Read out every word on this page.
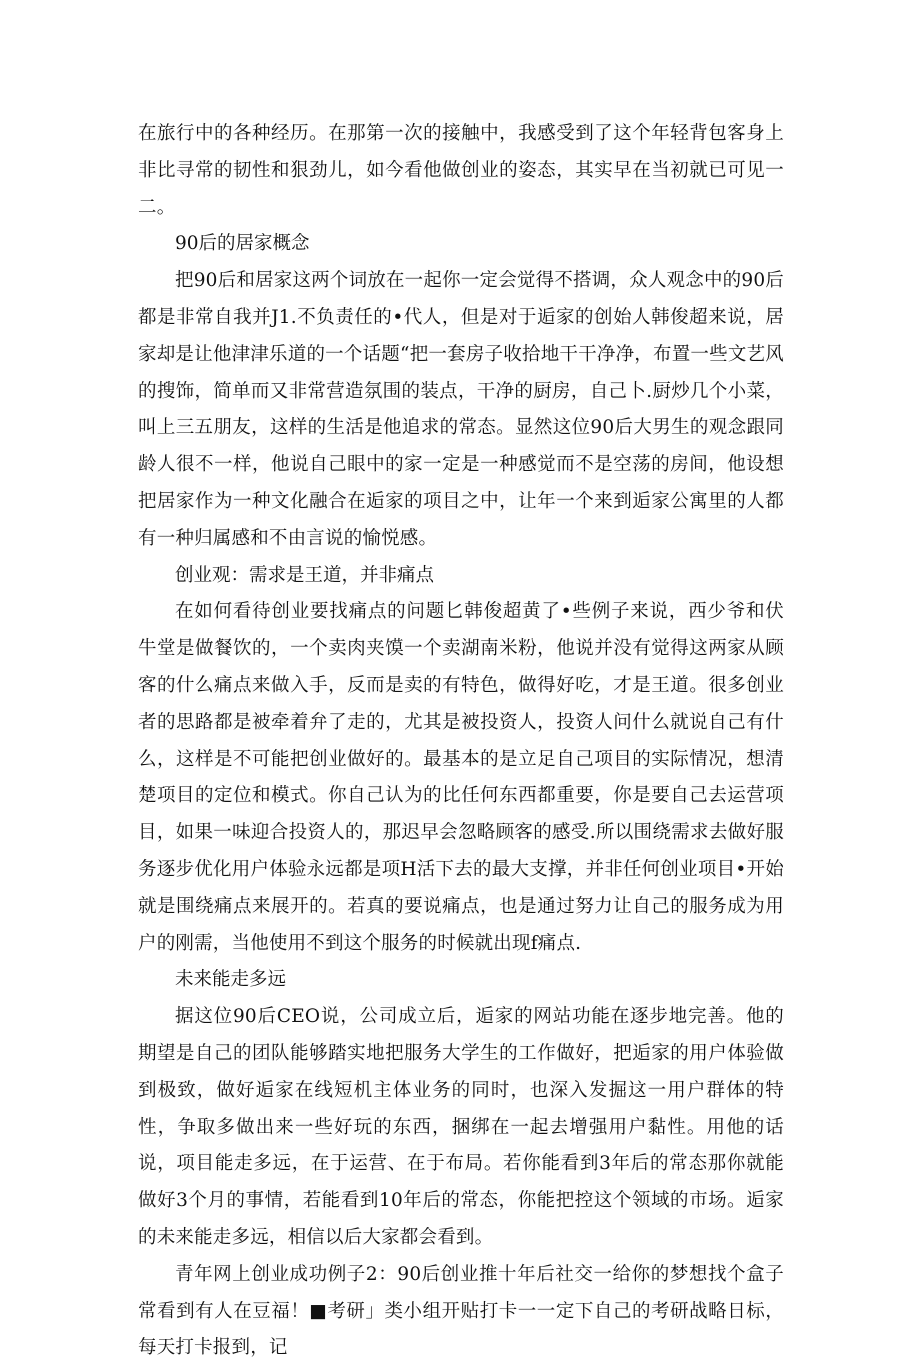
在旅行中的各种经历。在那第一次的接触中，我感受到了这个年轻背包客身上非比寻常的韧性和狠劲儿，如今看他做创业的姿态，其实早在当初就已可见一二。

90后的居家概念

把90后和居家这两个词放在一起你一定会觉得不搭调，众人观念中的90后都是非常自我并J1.不负责任的•代人，但是对于逅家的创始人韩俊超来说，居家却是让他津津乐道的一个话题“把一套房子收拾地干干净净，布置一些文艺风的搜饰，简单而又非常营造氛围的装点，干净的厨房，自己卜.厨炒几个小菜，叫上三五朋友，这样的生活是他追求的常态。显然这位90后大男生的观念跟同龄人很不一样，他说自己眼中的家一定是一种感觉而不是空荡的房间，他设想把居家作为一种文化融合在逅家的项目之中，让年一个来到逅家公寓里的人都有一种归属感和不由言说的愉悦感。

创业观：需求是王道，并非痛点

在如何看待创业要找痛点的问题匕韩俊超黄了•些例子来说，西少爷和伏牛堂是做餐饮的，一个卖肉夹馍一个卖湖南米粉，他说并没有觉得这两家从顾客的什么痛点来做入手，反而是卖的有特色，做得好吃，才是王道。很多创业者的思路都是被牵着弁了走的，尤其是被投资人，投资人问什么就说自己有什么，这样是不可能把创业做好的。最基本的是立足自己项目的实际情况，想清楚项目的定位和模式。你自己认为的比任何东西都重要，你是要自己去运营项目，如果一味迎合投资人的，那迟早会忽略顾客的感受.所以围绕需求去做好服务逐步优化用户体验永远都是项H活下去的最大支撑，并非任何创业项目•开始就是围绕痛点来展开的。若真的要说痛点，也是通过努力让自己的服务成为用户的刚需，当他使用不到这个服务的时候就出现f痛点.

未来能走多远

据这位90后CEO说，公司成立后，逅家的网站功能在逐步地完善。他的期望是自己的团队能够踏实地把服务大学生的工作做好，把逅家的用户体验做到极致，做好逅家在线短机主体业务的同时，也深入发掘这一用户群体的特性，争取多做出来一些好玩的东西，捆绑在一起去增强用户黏性。用他的话说，项目能走多远，在于运营、在于布局。若你能看到3年后的常态那你就能做好3个月的事情，若能看到10年后的常态，你能把控这个领域的市场。逅家的未来能走多远，相信以后大家都会看到。

青年网上创业成功例子2：90后创业推十年后社交一给你的梦想找个盒子常看到有人在豆福！■考研」类小组开贴打卡一一定下自己的考研战略日标，每天打卡报到，记
